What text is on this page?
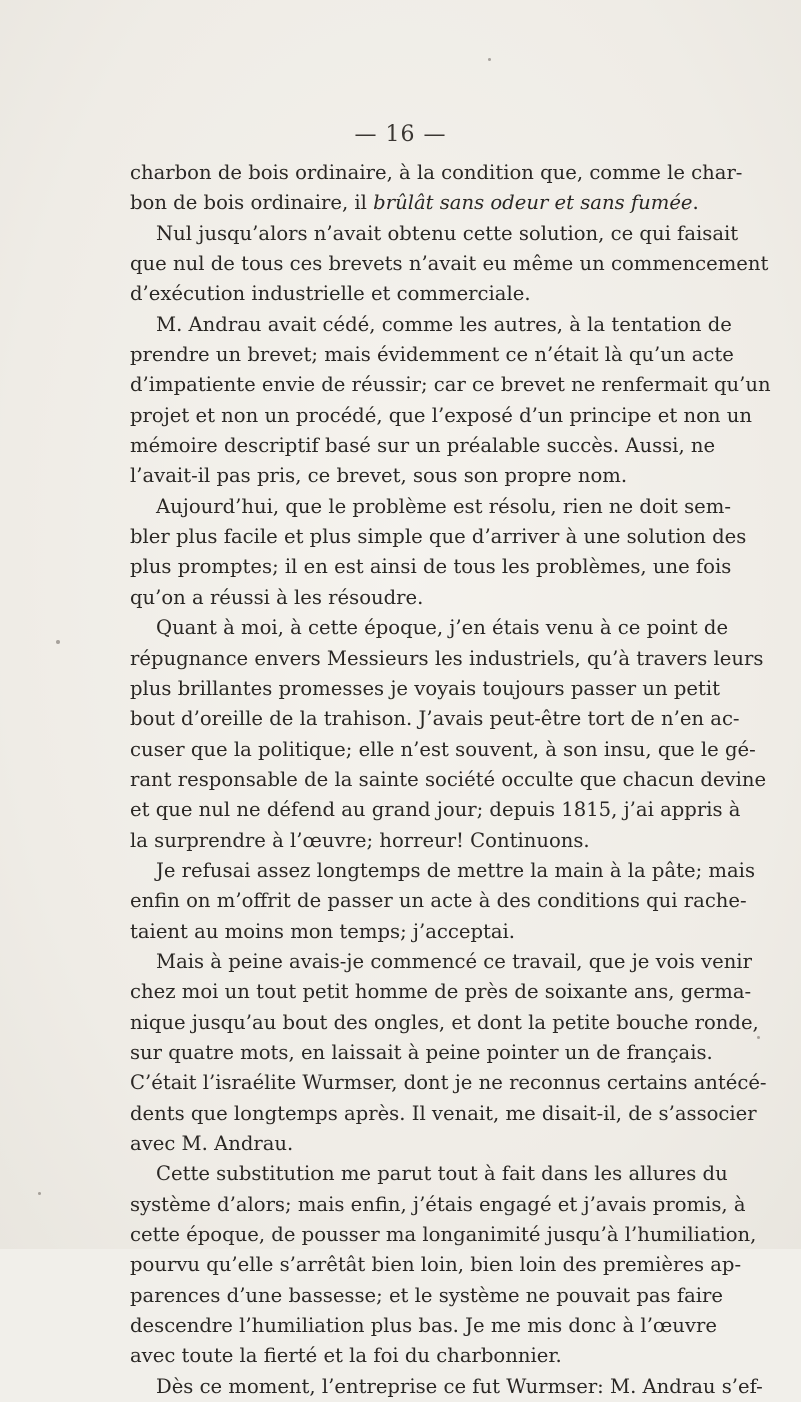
— 16 —
charbon de bois ordinaire, à la condition que, comme le char-
bon de bois ordinaire, il brûlât sans odeur et sans fumée.
Nul jusqu’alors n’avait obtenu cette solution, ce qui faisait
que nul de tous ces brevets n’avait eu même un commencement
d’exécution industrielle et commerciale.
M. Andrau avait cédé, comme les autres, à la tentation de
prendre un brevet; mais évidemment ce n’était là qu’un acte
d’impatiente envie de réussir; car ce brevet ne renfermait qu’un
projet et non un procédé, que l’exposé d’un principe et non un
mémoire descriptif basé sur un préalable succès. Aussi, ne
l’avait-il pas pris, ce brevet, sous son propre nom.
Aujourd’hui, que le problème est résolu, rien ne doit sem-
bler plus facile et plus simple que d’arriver à une solution des
plus promptes; il en est ainsi de tous les problèmes, une fois
qu’on a réussi à les résoudre.
Quant à moi, à cette époque, j’en étais venu à ce point de
répugnance envers Messieurs les industriels, qu’à travers leurs
plus brillantes promesses je voyais toujours passer un petit
bout d’oreille de la trahison. J’avais peut-être tort de n’en ac-
cuser que la politique; elle n’est souvent, à son insu, que le gé-
rant responsable de la sainte société occulte que chacun devine
et que nul ne défend au grand jour; depuis 1815, j’ai appris à
la surprendre à l’œuvre; horreur! Continuons.
Je refusai assez longtemps de mettre la main à la pâte; mais
enfin on m’offrit de passer un acte à des conditions qui rache-
taient au moins mon temps; j’acceptai.
Mais à peine avais-je commencé ce travail, que je vois venir
chez moi un tout petit homme de près de soixante ans, germa-
nique jusqu’au bout des ongles, et dont la petite bouche ronde,
sur quatre mots, en laissait à peine pointer un de français.
C’était l’israélite Wurmser, dont je ne reconnus certains antécé-
dents que longtemps après. Il venait, me disait-il, de s’associer
avec M. Andrau.
Cette substitution me parut tout à fait dans les allures du
système d’alors; mais enfin, j’étais engagé et j’avais promis, à
cette époque, de pousser ma longanimité jusqu’à l’humiliation,
pourvu qu’elle s’arrêtât bien loin, bien loin des premières ap-
parences d’une bassesse; et le système ne pouvait pas faire
descendre l’humiliation plus bas. Je me mis donc à l’œuvre
avec toute la fierté et la foi du charbonnier.
Dès ce moment, l’entreprise ce fut Wurmser: M. Andrau s’ef-
